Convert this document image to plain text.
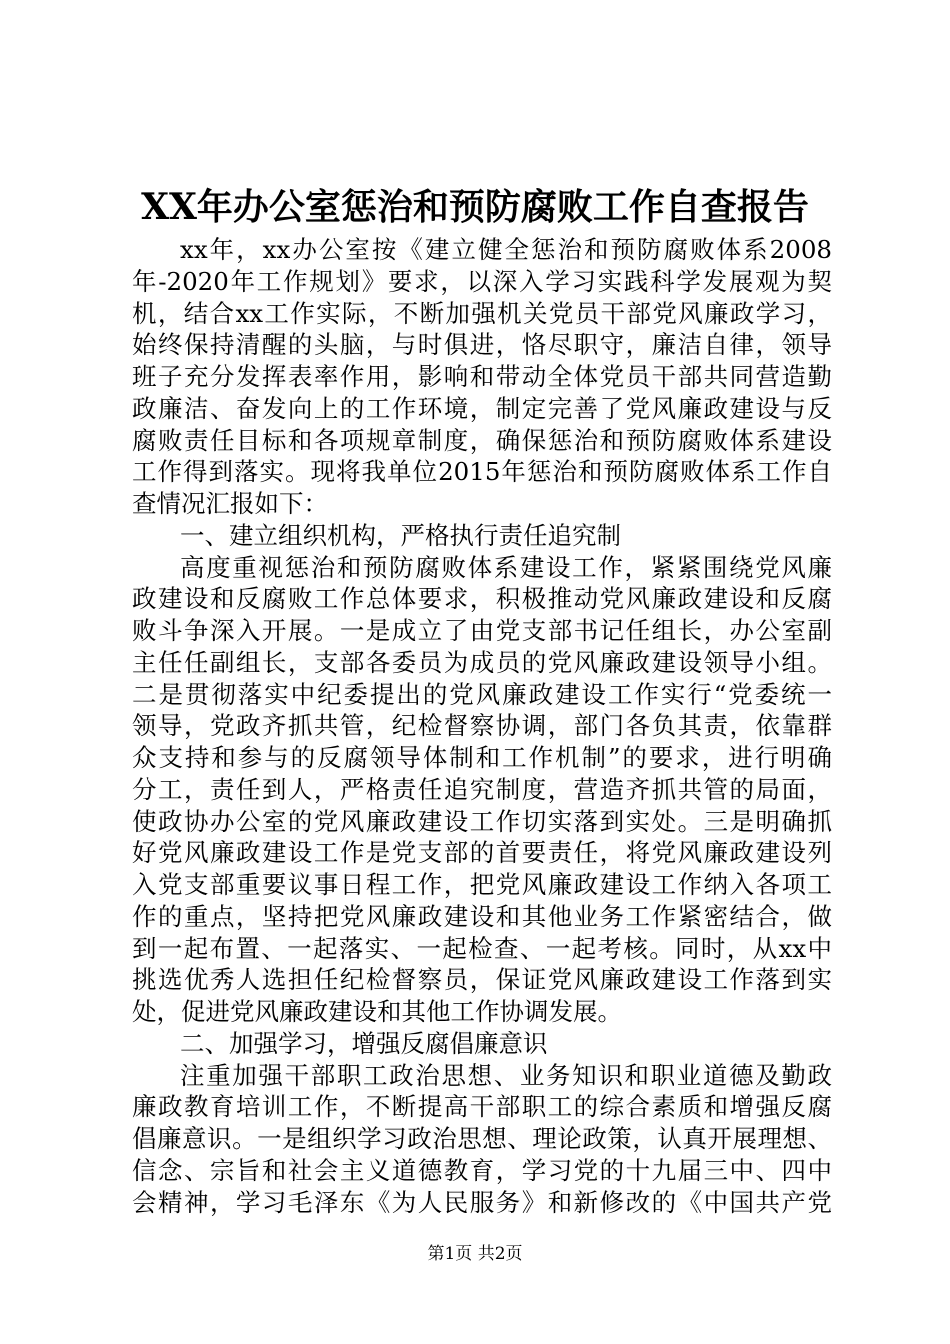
XX年办公室惩治和预防腐败工作自查报告
xx年，xx办公室按《建立健全惩治和预防腐败体系2008
年-2020年工作规划》要求，以深入学习实践科学发展观为契
机，结合xx工作实际，不断加强机关党员干部党风廉政学习，
始终保持清醒的头脑，与时俱进，恪尽职守，廉洁自律，领导
班子充分发挥表率作用，影响和带动全体党员干部共同营造勤
政廉洁、奋发向上的工作环境，制定完善了党风廉政建设与反
腐败责任目标和各项规章制度，确保惩治和预防腐败体系建设
工作得到落实。现将我单位2015年惩治和预防腐败体系工作自
查情况汇报如下：
一、建立组织机构，严格执行责任追究制
高度重视惩治和预防腐败体系建设工作，紧紧围绕党风廉
政建设和反腐败工作总体要求，积极推动党风廉政建设和反腐
败斗争深入开展。一是成立了由党支部书记任组长，办公室副
主任任副组长，支部各委员为成员的党风廉政建设领导小组。
二是贯彻落实中纪委提出的党风廉政建设工作实行“党委统一
领导，党政齐抓共管，纪检督察协调，部门各负其责，依靠群
众支持和参与的反腐领导体制和工作机制”的要求，进行明确
分工，责任到人，严格责任追究制度，营造齐抓共管的局面，
使政协办公室的党风廉政建设工作切实落到实处。三是明确抓
好党风廉政建设工作是党支部的首要责任，将党风廉政建设列
入党支部重要议事日程工作，把党风廉政建设工作纳入各项工
作的重点，坚持把党风廉政建设和其他业务工作紧密结合，做
到一起布置、一起落实、一起检查、一起考核。同时，从xx中
挑选优秀人选担任纪检督察员，保证党风廉政建设工作落到实
处，促进党风廉政建设和其他工作协调发展。
二、加强学习，增强反腐倡廉意识
注重加强干部职工政治思想、业务知识和职业道德及勤政
廉政教育培训工作，不断提高干部职工的综合素质和增强反腐
倡廉意识。一是组织学习政治思想、理论政策，认真开展理想、
信念、宗旨和社会主义道德教育，学习党的十九届三中、四中
会精神，学习毛泽东《为人民服务》和新修改的《中国共产党
第1页 共2页
